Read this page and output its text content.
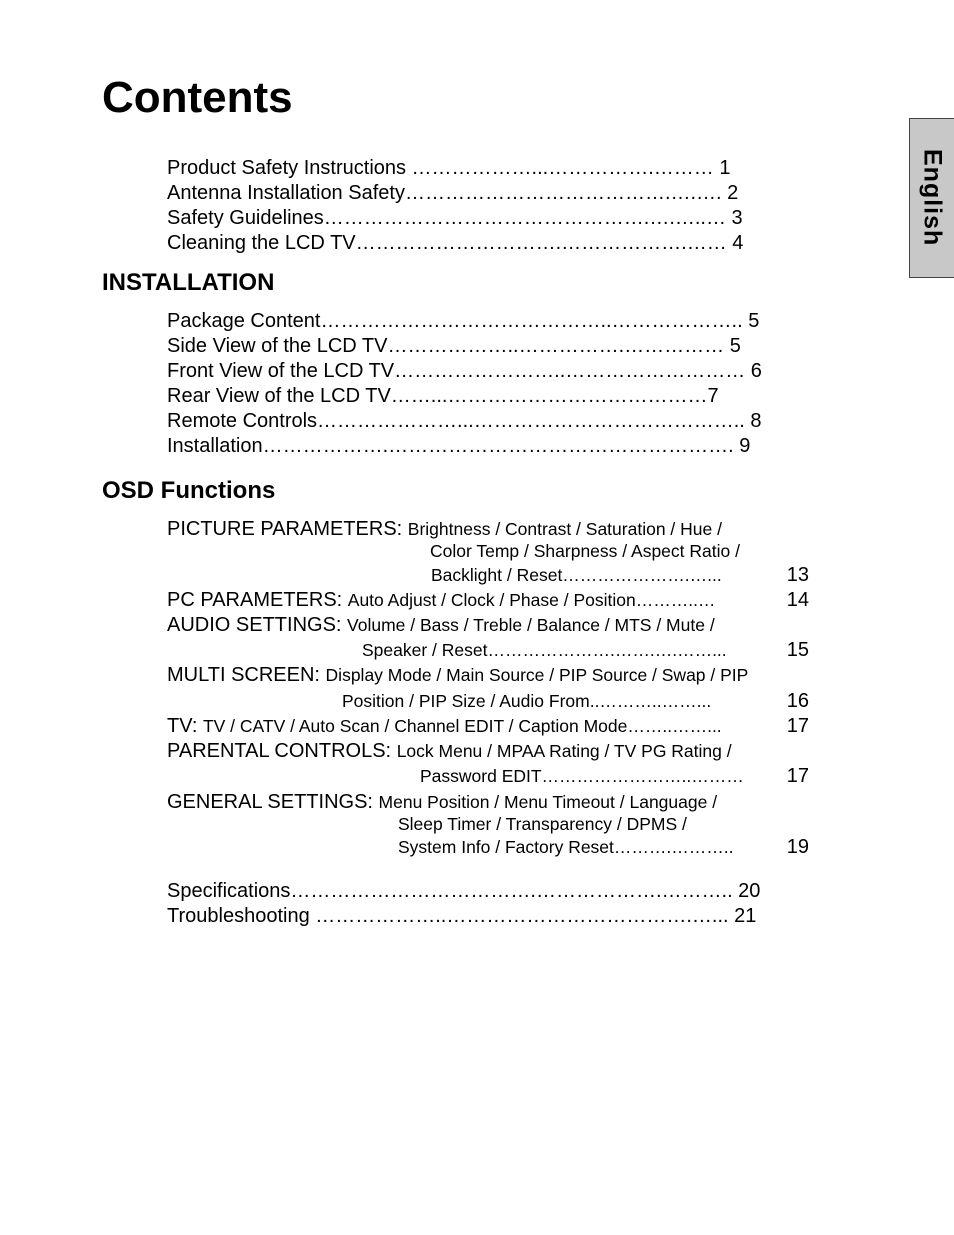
Contents
English
Product Safety Instructions ………………...…………….……… 1
Antenna Installation Safety………………………………….….…. 2
Safety Guidelines………………………………………….….…..… 3
Cleaning the LCD TV………………………….……………….…… 4
INSTALLATION
Package Content……………………………………..……………….. 5
Side View of the LCD TV………………..…………….…………… 5
Front View of the LCD TV……………………..……………………… 6
Rear View of the LCD TV……...…………………………………7
Remote Controls…………………...………………………………….. 8
Installation……………….……………………………………………. 9
OSD Functions
PICTURE PARAMETERS: Brightness / Contrast / Saturation / Hue /
Color Temp / Sharpness / Aspect Ratio /
Backlight / Reset………………….…...	13
PC PARAMETERS: Auto Adjust / Clock / Phase / Position………..…	14
AUDIO SETTINGS: Volume / Bass / Treble / Balance / MTS / Mute /
Speaker / Reset………………….…….….……...	15
MULTI SCREEN: Display Mode / Main Source / PIP Source / Swap / PIP
Position / PIP Size / Audio From..………..……...	16
TV: TV / CATV / Auto Scan / Channel EDIT / Caption Mode……..……...	17
PARENTAL CONTROLS: Lock Menu / MPAA Rating / TV PG Rating /
Password EDIT……………………..……… 17
GENERAL SETTINGS: Menu Position / Menu Timeout / Language /
Sleep Timer / Transparency / DPMS /
System Info / Factory Reset……….………..	19
Specifications……………………………….……………….……….. 20
Troubleshooting ………………..……………………………….…... 21
